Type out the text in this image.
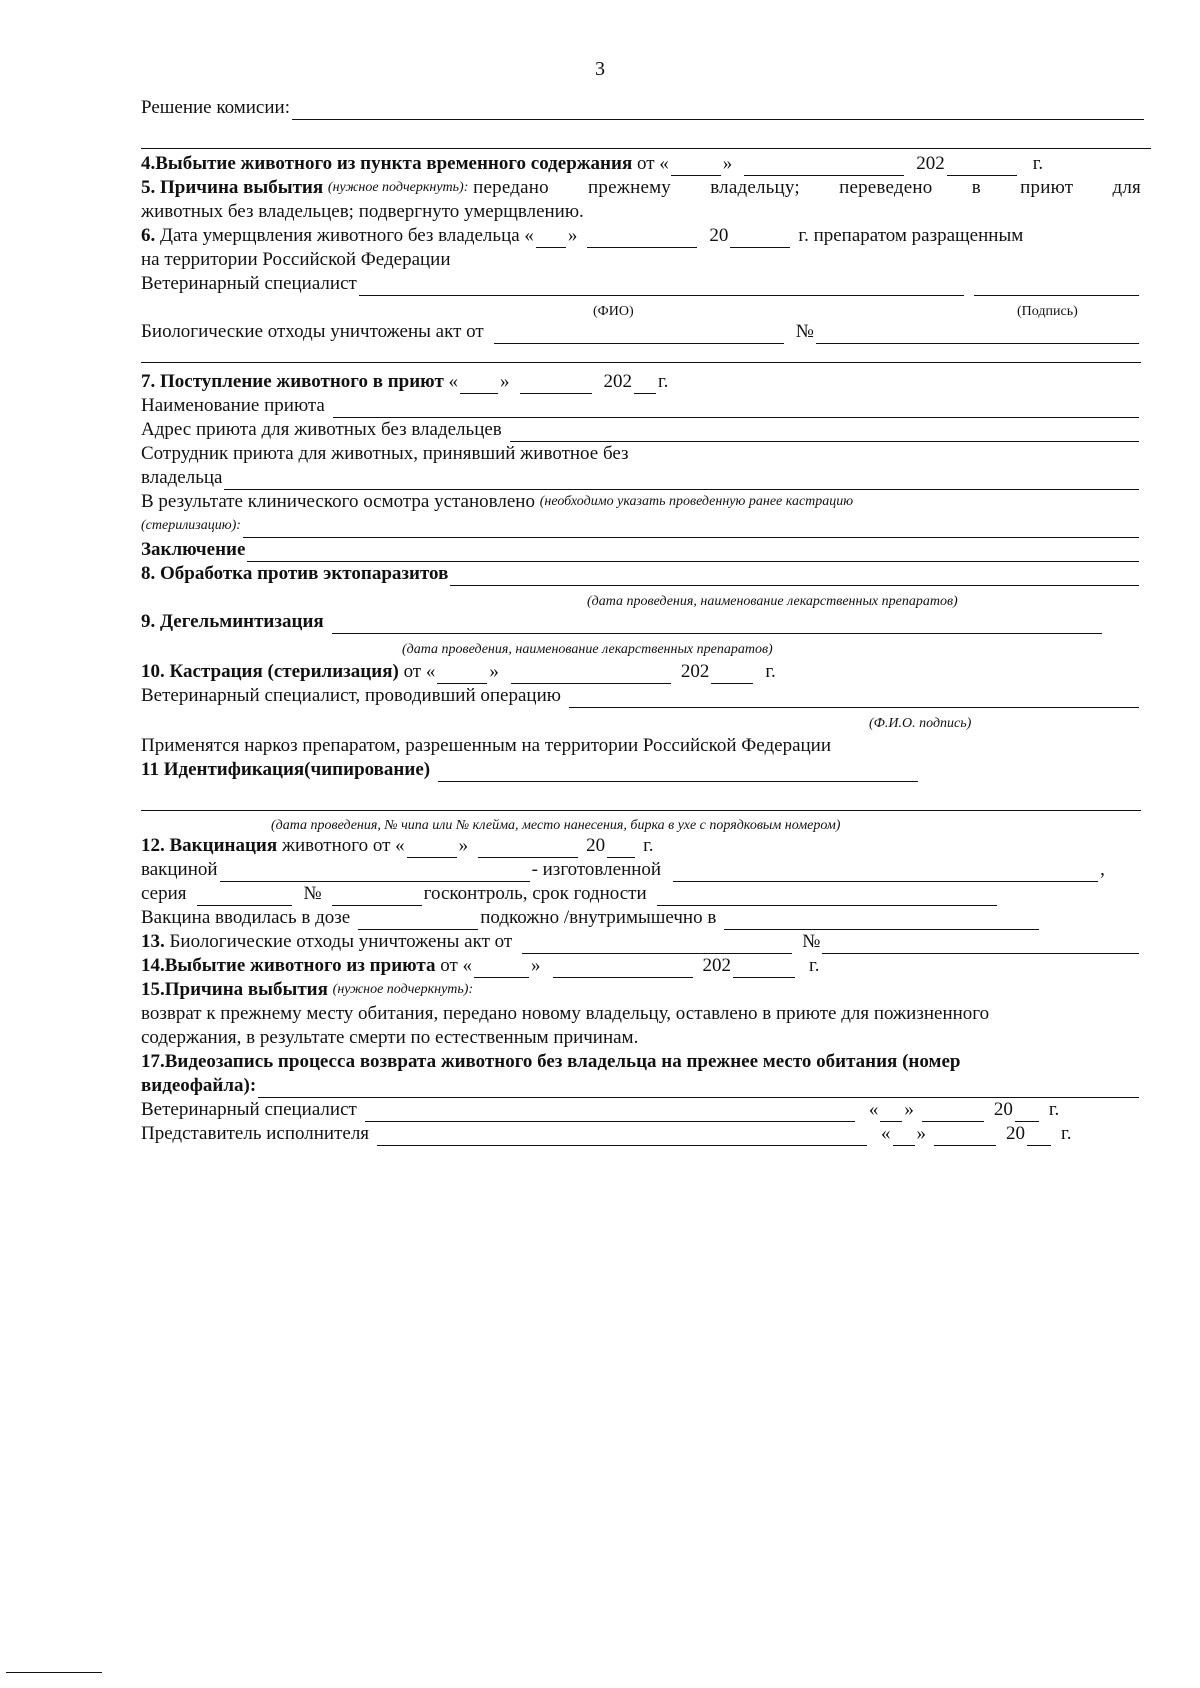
3
Решение комисии:
4.Выбытие животного из пункта временного содержания
от «	»	202	г.
5. Причина выбытия
(нужное подчеркнуть):
передано прежнему владельцу; переведено в приют для
животных без владельцев; подвергнуто умерщвлению.
6.
Дата умерщвления животного без владельца « »	20	г. препаратом разращенным
на территории Российской Федерации
Ветеринарный специалист
(ФИО)	(Подпись)
Биологические отходы уничтожены акт от	№
7. Поступление животного в приют
« »	202 г.
Наименование приюта
Адрес приюта для животных без владельцев
Сотрудник приюта для животных, принявший животное без
владельца
В результате клинического осмотра установлено
(необходимо указать проведенную ранее кастрацию
(стерилизацию):
Заключение
8. Обработка против эктопаразитов
(дата проведения, наименование лекарственных препаратов)
9. Дегельминтизация
(дата проведения, наименование лекарственных препаратов)
10. Кастрация (стерилизация)
от «	»	202	г.
Ветеринарный специалист, проводивший операцию
(Ф.И.О. подпись)
Применятся наркоз препаратом, разрешенным на территории Российской Федерации
11 Идентификация(чипирование)
(дата проведения, № чипа или № клейма, место нанесения, бирка в ухе с порядковым номером)
12. Вакцинация
животного от «	»	20 г.
вакциной	- изготовленной	,
серия	№	госконтроль, срок годности
Вакцина вводилась в дозе	подкожно /внутримышечно в
13.
Биологические отходы уничтожены акт от	№
14.Выбытие животного из приюта
от «	»	202	г.
15.Причина выбытия
(нужное подчеркнуть):
возврат к прежнему месту обитания, передано новому владельцу, оставлено в приюте для пожизненного
содержания, в результате смерти по естественным причинам.
17.Видеозапись процесса возврата животного без владельца на прежнее место обитания (номер
видеофайла):
Ветеринарный специалист	« »	20 г.
Представитель исполнителя	« »	20 г.
